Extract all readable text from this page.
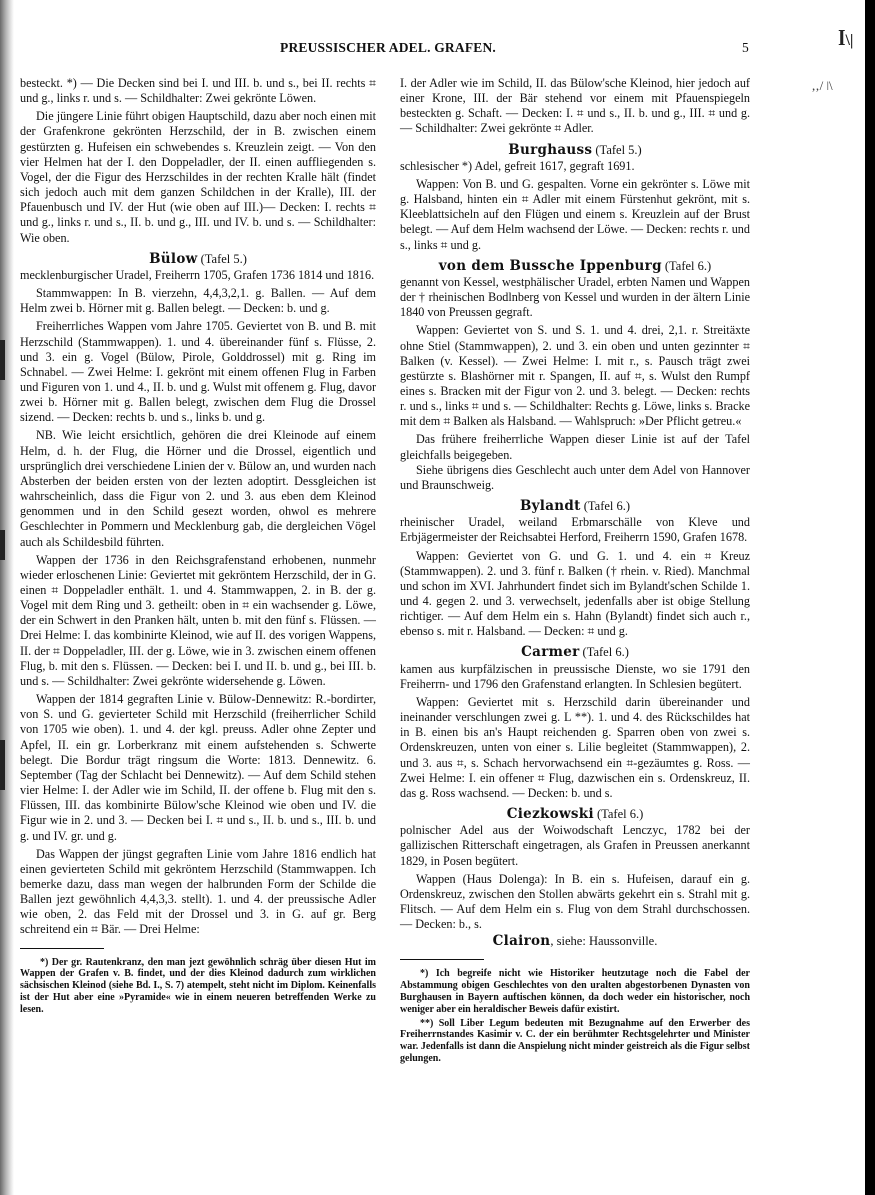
ꟾ\|
,‚/ ǀ\
PREUSSISCHER ADEL. GRAFEN.	5

besteckt. *) — Die Decken sind bei I. und III. b. und s., bei II. rechts ⌗ und g., links r. und s. — Schildhalter: Zwei gekrönte Löwen.

Die jüngere Linie führt obigen Hauptschild, dazu aber noch einen mit der Grafenkrone gekrönten Herzschild, der in B. zwischen einem gestürzten g. Hufeisen ein schwebendes s. Kreuzlein zeigt. — Von den vier Helmen hat der I. den Doppeladler, der II. einen auffliegenden s. Vogel, der die Figur des Herzschildes in der rechten Kralle hält (findet sich jedoch auch mit dem ganzen Schildchen in der Kralle), III. der Pfauenbusch und IV. der Hut (wie oben auf III.)— Decken: I. rechts ⌗ und g., links r. und s., II. b. und g., III. und IV. b. und s. — Schildhalter: Wie oben.

Bülow (Tafel 5.)

mecklenburgischer Uradel, Freiherrn 1705, Grafen 1736 1814 und 1816.

Stammwappen: In B. vierzehn, 4,4,3,2,1. g. Ballen. — Auf dem Helm zwei b. Hörner mit g. Ballen belegt. — Decken: b. und g.

Freiherrliches Wappen vom Jahre 1705. Geviertet von B. und B. mit Herzschild (Stammwappen). 1. und 4. übereinander fünf s. Flüsse, 2. und 3. ein g. Vogel (Bülow, Pirole, Golddrossel) mit g. Ring im Schnabel. — Zwei Helme: I. gekrönt mit einem offenen Flug in Farben und Figuren von 1. und 4., II. b. und g. Wulst mit offenem g. Flug, davor zwei b. Hörner mit g. Ballen belegt, zwischen dem Flug die Drossel sizend. — Decken: rechts b. und s., links b. und g.

NB. Wie leicht ersichtlich, gehören die drei Kleinode auf einem Helm, d. h. der Flug, die Hörner und die Drossel, eigentlich und ursprünglich drei verschiedene Linien der v. Bülow an, und wurden nach Absterben der beiden ersten von der lezten adoptirt. Dessgleichen ist wahrscheinlich, dass die Figur von 2. und 3. aus eben dem Kleinod genommen und in den Schild gesezt worden, ohwol es mehrere Geschlechter in Pommern und Mecklenburg gab, die dergleichen Vögel auch als Schildesbild führten.

Wappen der 1736 in den Reichsgrafenstand erhobenen, nunmehr wieder erloschenen Linie: Geviertet mit gekröntem Herzschild, der in G. einen ⌗ Doppeladler enthält. 1. und 4. Stammwappen, 2. in B. der g. Vogel mit dem Ring und 3. getheilt: oben in ⌗ ein wachsender g. Löwe, der ein Schwert in den Pranken hält, unten b. mit den fünf s. Flüssen. — Drei Helme: I. das kombinirte Kleinod, wie auf II. des vorigen Wappens, II. der ⌗ Doppeladler, III. der g. Löwe, wie in 3. zwischen einem offenen Flug, b. mit den s. Flüssen. — Decken: bei I. und II. b. und g., bei III. b. und s. — Schildhalter: Zwei gekrönte widersehende g. Löwen.

Wappen der 1814 gegraften Linie v. Bülow-Dennewitz: R.-bordirter, von S. und G. gevierteter Schild mit Herzschild (freiherrlicher Schild von 1705 wie oben). 1. und 4. der kgl. preuss. Adler ohne Zepter und Apfel, II. ein gr. Lorberkranz mit einem aufstehenden s. Schwerte belegt. Die Bordur trägt ringsum die Worte: 1813. Dennewitz. 6. September (Tag der Schlacht bei Dennewitz). — Auf dem Schild stehen vier Helme: I. der Adler wie im Schild, II. der offene b. Flug mit den s. Flüssen, III. das kombinirte Bülow'sche Kleinod wie oben und IV. die Figur wie in 2. und 3. — Decken bei I. ⌗ und s., II. b. und s., III. b. und g. und IV. gr. und g.

Das Wappen der jüngst gegraften Linie vom Jahre 1816 endlich hat einen gevierteten Schild mit gekröntem Herzschild (Stammwappen. Ich bemerke dazu, dass man wegen der halbrunden Form der Schilde die Ballen jezt gewöhnlich 4,4,3,3. stellt). 1. und 4. der preussische Adler wie oben, 2. das Feld mit der Drossel und 3. in G. auf gr. Berg schreitend ein ⌗ Bär. — Drei Helme:

*) Der gr. Rautenkranz, den man jezt gewöhnlich schräg über diesen Hut im Wappen der Grafen v. B. findet, und der dies Kleinod dadurch zum wirklichen sächsischen Kleinod (siehe Bd. I., S. 7) atempelt, steht nicht im Diplom. Keinenfalls ist der Hut aber eine »Pyramide« wie in einem neueren betreffenden Werke zu lesen.

I. der Adler wie im Schild, II. das Bülow'sche Kleinod, hier jedoch auf einer Krone, III. der Bär stehend vor einem mit Pfauenspiegeln besteckten g. Schaft. — Decken: I. ⌗ und s., II. b. und g., III. ⌗ und g. — Schildhalter: Zwei gekrönte ⌗ Adler.

Burghauss (Tafel 5.)

schlesischer *) Adel, gefreit 1617, gegraft 1691.

Wappen: Von B. und G. gespalten. Vorne ein gekrönter s. Löwe mit g. Halsband, hinten ein ⌗ Adler mit einem Fürstenhut gekrönt, mit s. Kleeblattsicheln auf den Flügen und einem s. Kreuzlein auf der Brust belegt. — Auf dem Helm wachsend der Löwe. — Decken: rechts r. und s., links ⌗ und g.

von dem Bussche Ippenburg (Tafel 6.)

genannt von Kessel, westphälischer Uradel, erbten Namen und Wappen der † rheinischen Bodlnberg von Kessel und wurden in der ältern Linie 1840 von Preussen gegraft.

Wappen: Geviertet von S. und S. 1. und 4. drei, 2,1. r. Streitäxte ohne Stiel (Stammwappen), 2. und 3. ein oben und unten gezinnter ⌗ Balken (v. Kessel). — Zwei Helme: I. mit r., s. Pausch trägt zwei gestürzte s. Blashörner mit r. Spangen, II. auf ⌗, s. Wulst den Rumpf eines s. Bracken mit der Figur von 2. und 3. belegt. — Decken: rechts r. und s., links ⌗ und s. — Schildhalter: Rechts g. Löwe, links s. Bracke mit dem ⌗ Balken als Halsband. — Wahlspruch: »Der Pflicht getreu.«

Das frühere freiherrliche Wappen dieser Linie ist auf der Tafel gleichfalls beigegeben.

Siehe übrigens dies Geschlecht auch unter dem Adel von Hannover und Braunschweig.

Bylandt (Tafel 6.)

rheinischer Uradel, weiland Erbmarschälle von Kleve und Erbjägermeister der Reichsabtei Herford, Freiherrn 1590, Grafen 1678.

Wappen: Geviertet von G. und G. 1. und 4. ein ⌗ Kreuz (Stammwappen). 2. und 3. fünf r. Balken († rhein. v. Ried). Manchmal und schon im XVI. Jahrhundert findet sich im Bylandt'schen Schilde 1. und 4. gegen 2. und 3. verwechselt, jedenfalls aber ist obige Stellung richtiger. — Auf dem Helm ein s. Hahn (Bylandt) findet sich auch r., ebenso s. mit r. Halsband. — Decken: ⌗ und g.

Carmer (Tafel 6.)

kamen aus kurpfälzischen in preussische Dienste, wo sie 1791 den Freiherrn- und 1796 den Grafenstand erlangten. In Schlesien begütert.

Wappen: Geviertet mit s. Herzschild darin übereinander und ineinander verschlungen zwei g. L **). 1. und 4. des Rückschildes hat in B. einen bis an's Haupt reichenden g. Sparren oben von zwei s. Ordenskreuzen, unten von einer s. Lilie begleitet (Stammwappen), 2. und 3. aus ⌗, s. Schach hervorwachsend ein ⌗-gezäumtes g. Ross. — Zwei Helme: I. ein offener ⌗ Flug, dazwischen ein s. Ordenskreuz, II. das g. Ross wachsend. — Decken: b. und s.

Ciezkowski (Tafel 6.)

polnischer Adel aus der Woiwodschaft Lenczyc, 1782 bei der gallizischen Ritterschaft eingetragen, als Grafen in Preussen anerkannt 1829, in Posen begütert.

Wappen (Haus Dolenga): In B. ein s. Hufeisen, darauf ein g. Ordenskreuz, zwischen den Stollen abwärts gekehrt ein s. Strahl mit g. Flitsch. — Auf dem Helm ein s. Flug von dem Strahl durchschossen. — Decken: b., s.

Clairon, siehe: Haussonville.

*) Ich begreife nicht wie Historiker heutzutage noch die Fabel der Abstammung obigen Geschlechtes von den uralten abgestorbenen Dynasten von Burghausen in Bayern auftischen können, da doch weder ein historischer, noch weniger aber ein heraldischer Beweis dafür existirt.

**) Soll Liber Legum bedeuten mit Bezugnahme auf den Erwerber des Freiherrnstandes Kasimir v. C. der ein berühmter Rechtsgelehrter und Minister war. Jedenfalls ist dann die Anspielung nicht minder geistreich als die Figur selbst gelungen.
